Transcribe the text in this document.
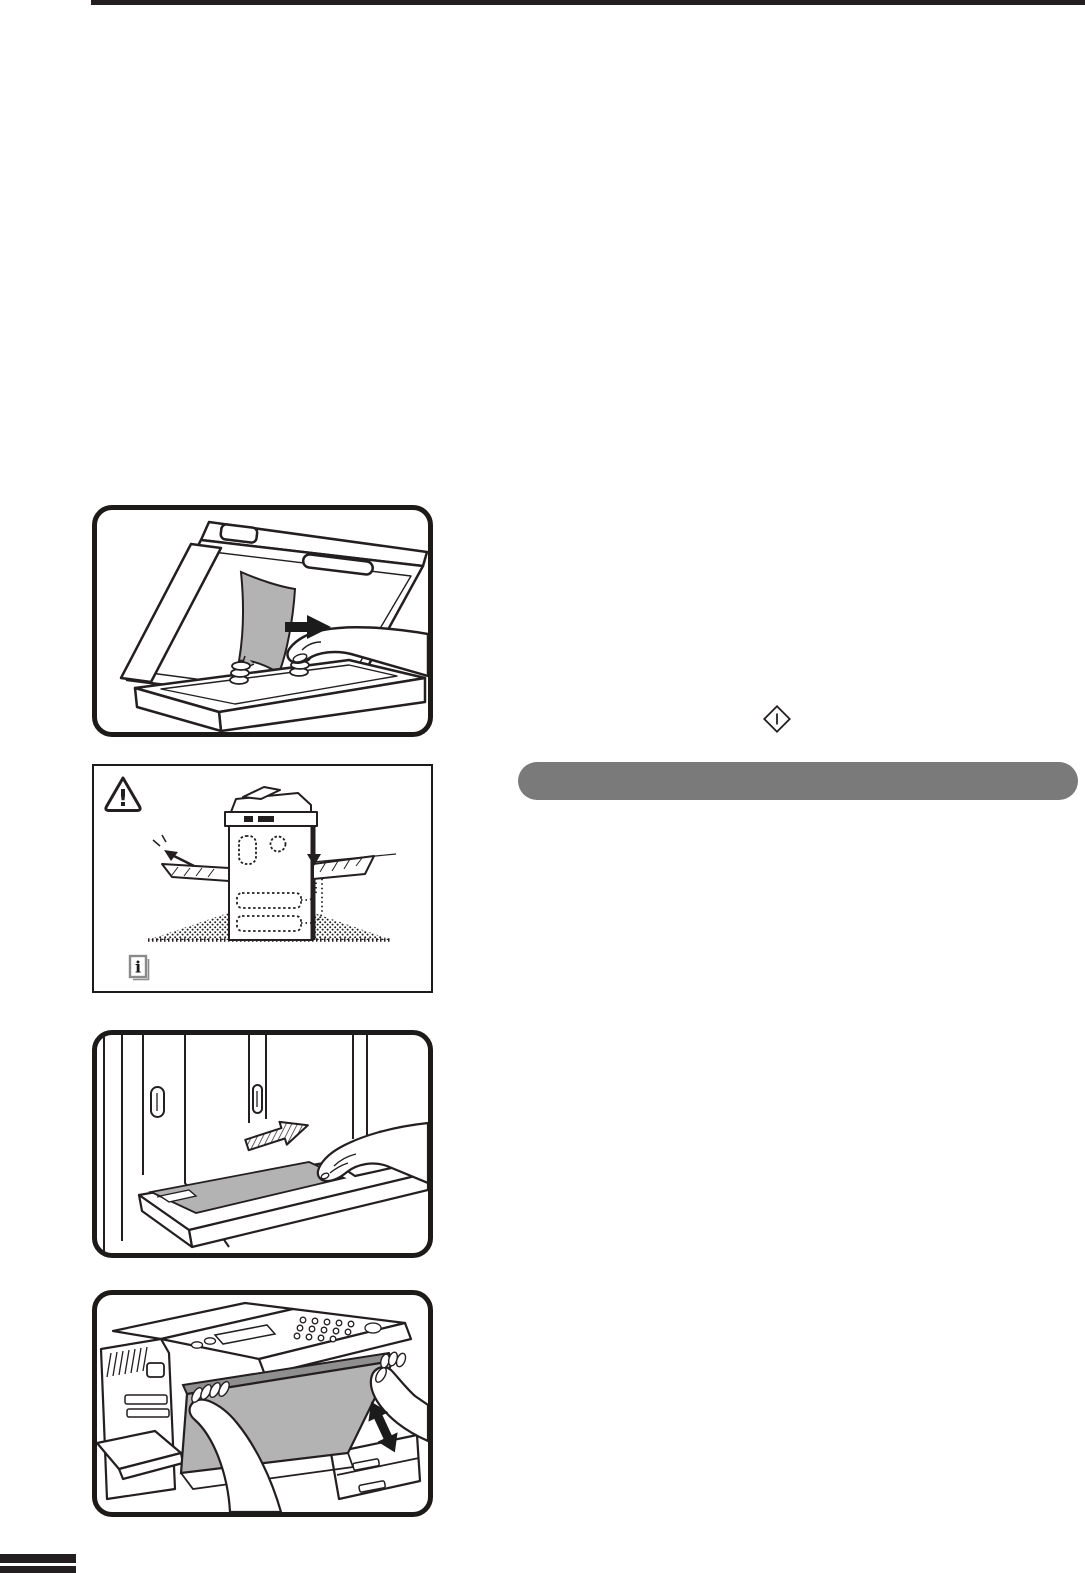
!
i
